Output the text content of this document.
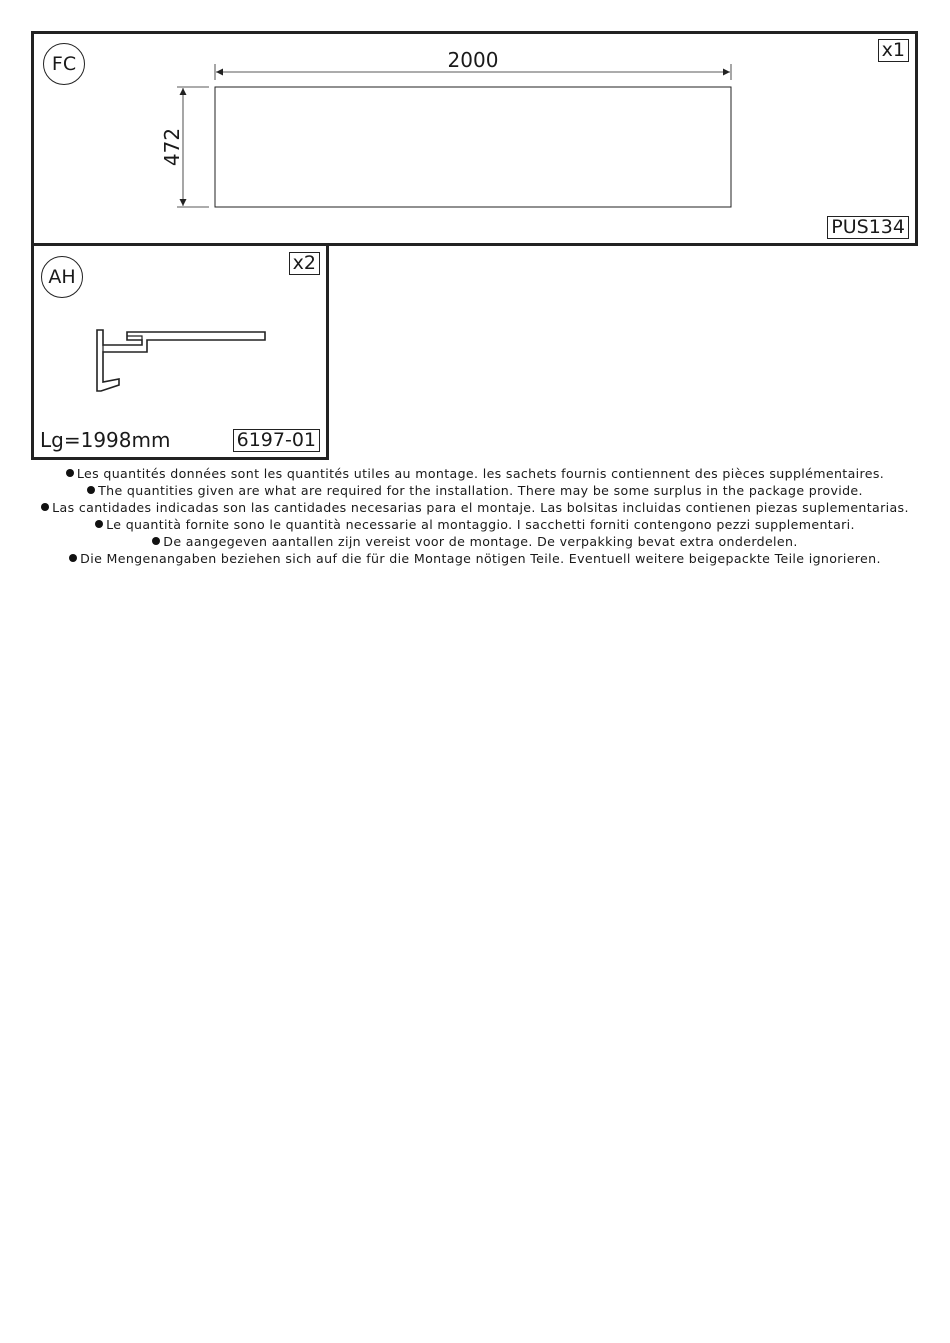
FC
x1
PUS134
2000
472
AH
x2
Lg=1998mm	6197-01
Les quantités données sont les quantités utiles au montage. les sachets fournis contiennent des pièces supplémentaires.
The quantities given are what are required for the installation. There may be some surplus in the package provide.
Las cantidades indicadas son las cantidades necesarias para el montaje. Las bolsitas incluidas contienen piezas suplementarias.
Le quantità fornite sono le quantità necessarie al montaggio. I sacchetti forniti contengono pezzi supplementari.
De aangegeven aantallen zijn vereist voor de montage. De verpakking bevat extra onderdelen.
Die Mengenangaben beziehen sich auf die für die Montage nötigen Teile. Eventuell weitere beigepackte Teile ignorieren.
